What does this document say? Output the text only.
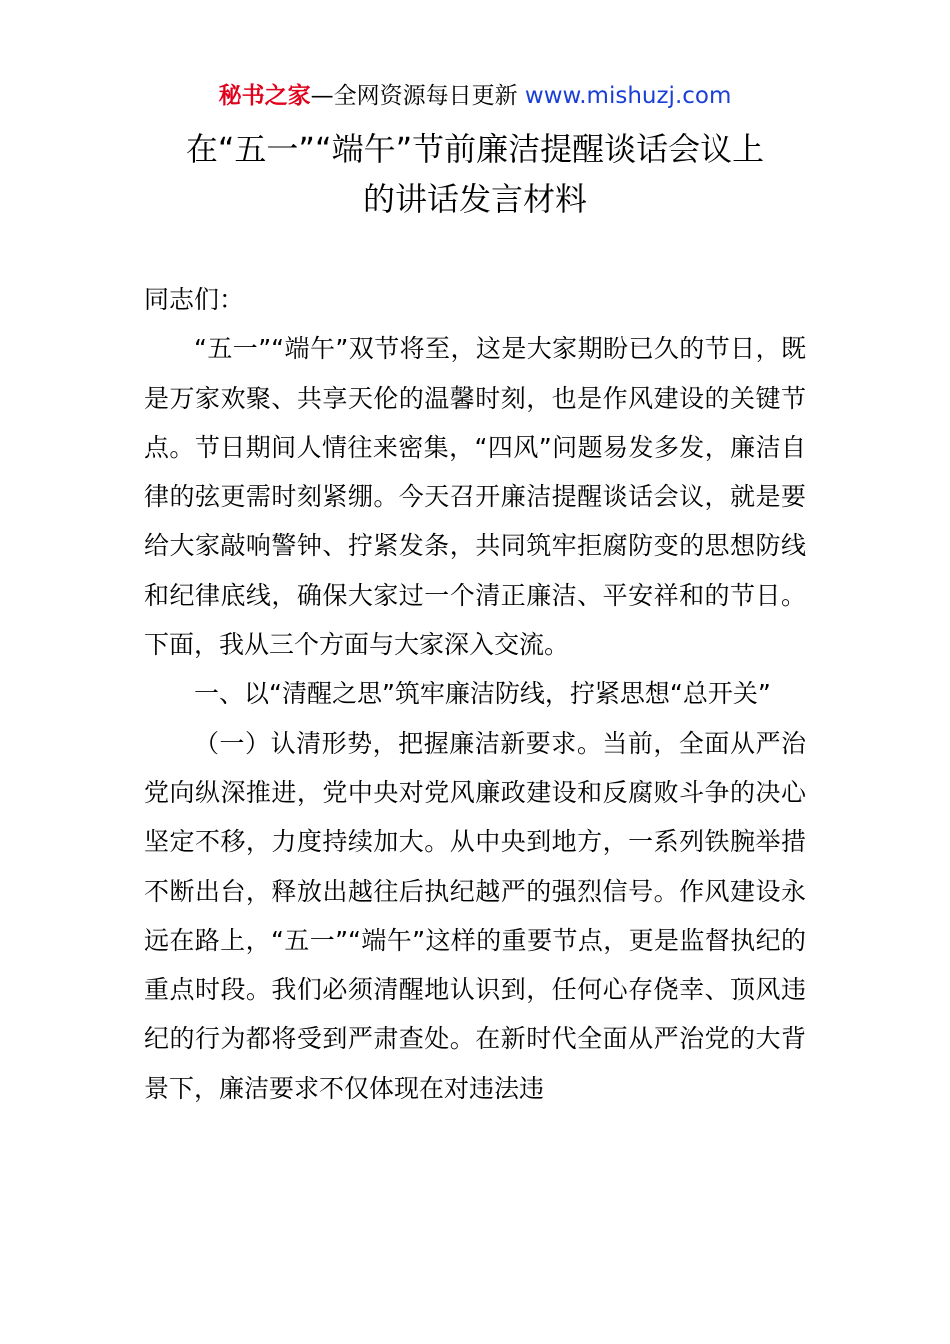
秘书之家—全网资源每日更新 www.mishuzj.com
在“五一”“端午”节前廉洁提醒谈话会议上
的讲话发言材料

同志们：

“五一”“端午”双节将至，这是大家期盼已久的节日，既是万家欢聚、共享天伦的温馨时刻，也是作风建设的关键节点。节日期间人情往来密集，“四风”问题易发多发，廉洁自律的弦更需时刻紧绷。今天召开廉洁提醒谈话会议，就是要给大家敲响警钟、拧紧发条，共同筑牢拒腐防变的思想防线和纪律底线，确保大家过一个清正廉洁、平安祥和的节日。下面，我从三个方面与大家深入交流。

一、以“清醒之思”筑牢廉洁防线，拧紧思想“总开关”

（一）认清形势，把握廉洁新要求。当前，全面从严治党向纵深推进，党中央对党风廉政建设和反腐败斗争的决心坚定不移，力度持续加大。从中央到地方，一系列铁腕举措不断出台，释放出越往后执纪越严的强烈信号。作风建设永远在路上，“五一”“端午”这样的重要节点，更是监督执纪的重点时段。我们必须清醒地认识到，任何心存侥幸、顶风违纪的行为都将受到严肃查处。在新时代全面从严治党的大背景下，廉洁要求不仅体现在对违法违
